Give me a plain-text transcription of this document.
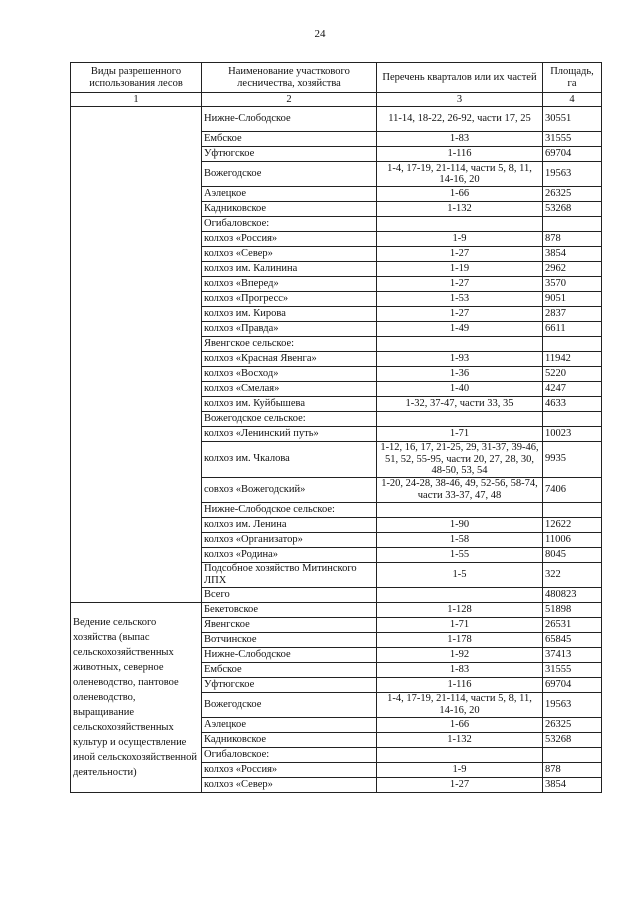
24
Виды разрешенного использования лесов	Наименование участкового лесничества, хозяйства	Перечень кварталов или их частей	Площадь, га
1	2	3	4
	Нижне-Слободское	11-14, 18-22, 26-92, части 17, 25	30551
	Ембское	1-83	31555
	Уфтюгское	1-116	69704
	Вожегодское	1-4, 17-19, 21-114, части 5, 8, 11, 14-16, 20	19563
	Аэлецкое	1-66	26325
	Кадниковское	1-132	53268
	Огибаловское:		
	колхоз «Россия»	1-9	878
	колхоз «Север»	1-27	3854
	колхоз им. Калинина	1-19	2962
	колхоз «Вперед»	1-27	3570
	колхоз «Прогресс»	1-53	9051
	колхоз им. Кирова	1-27	2837
	колхоз «Правда»	1-49	6611
	Явенгское сельское:		
	колхоз «Красная Явенга»	1-93	11942
	колхоз «Восход»	1-36	5220
	колхоз «Смелая»	1-40	4247
	колхоз им. Куйбышева	1-32, 37-47, части 33, 35	4633
	Вожегодское сельское:		
	колхоз «Ленинский путь»	1-71	10023
	колхоз им. Чкалова	1-12, 16, 17, 21-25, 29, 31-37, 39-46, 51, 52, 55-95, части 20, 27, 28, 30, 48-50, 53, 54	9935
	совхоз «Вожегодский»	1-20, 24-28, 38-46, 49, 52-56, 58-74, части 33-37, 47, 48	7406
	Нижне-Слободское сельское:		
	колхоз им. Ленина	1-90	12622
	колхоз «Организатор»	1-58	11006
	колхоз «Родина»	1-55	8045
	Подсобное хозяйство Митинского ЛПХ	1-5	322
	Всего		480823
Ведение сельского хозяйства (выпас сельскохозяйственных животных, северное оленеводство, пантовое оленеводство, выращивание сельскохозяйственных культур и осуществление иной сельскохозяйственной деятельности)	Бекетовское	1-128	51898
	Явенгское	1-71	26531
	Вотчинское	1-178	65845
	Нижне-Слободское	1-92	37413
	Ембское	1-83	31555
	Уфтюгское	1-116	69704
	Вожегодское	1-4, 17-19, 21-114, части 5, 8, 11, 14-16, 20	19563
	Аэлецкое	1-66	26325
	Кадниковское	1-132	53268
	Огибаловское:		
	колхоз «Россия»	1-9	878
	колхоз «Север»	1-27	3854
